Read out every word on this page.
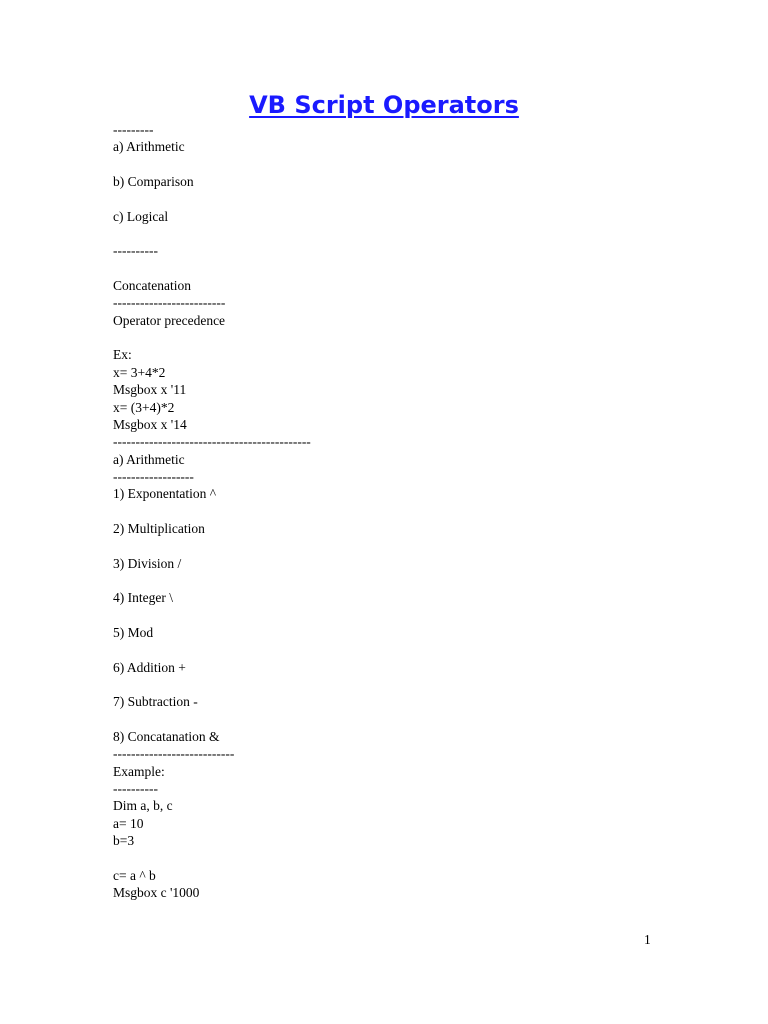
VB Script Operators
---------
a) Arithmetic
b) Comparison
c) Logical
----------
Concatenation
-------------------------
Operator precedence
Ex:
x= 3+4*2
Msgbox x '11
x= (3+4)*2
Msgbox x '14
--------------------------------------------
a) Arithmetic
------------------
1) Exponentation ^
2) Multiplication
3) Division /
4) Integer \
5) Mod
6) Addition +
7) Subtraction -
8) Concatanation &
---------------------------
Example:
----------
Dim a, b, c
a= 10
b=3
c= a ^ b
Msgbox c '1000
1
